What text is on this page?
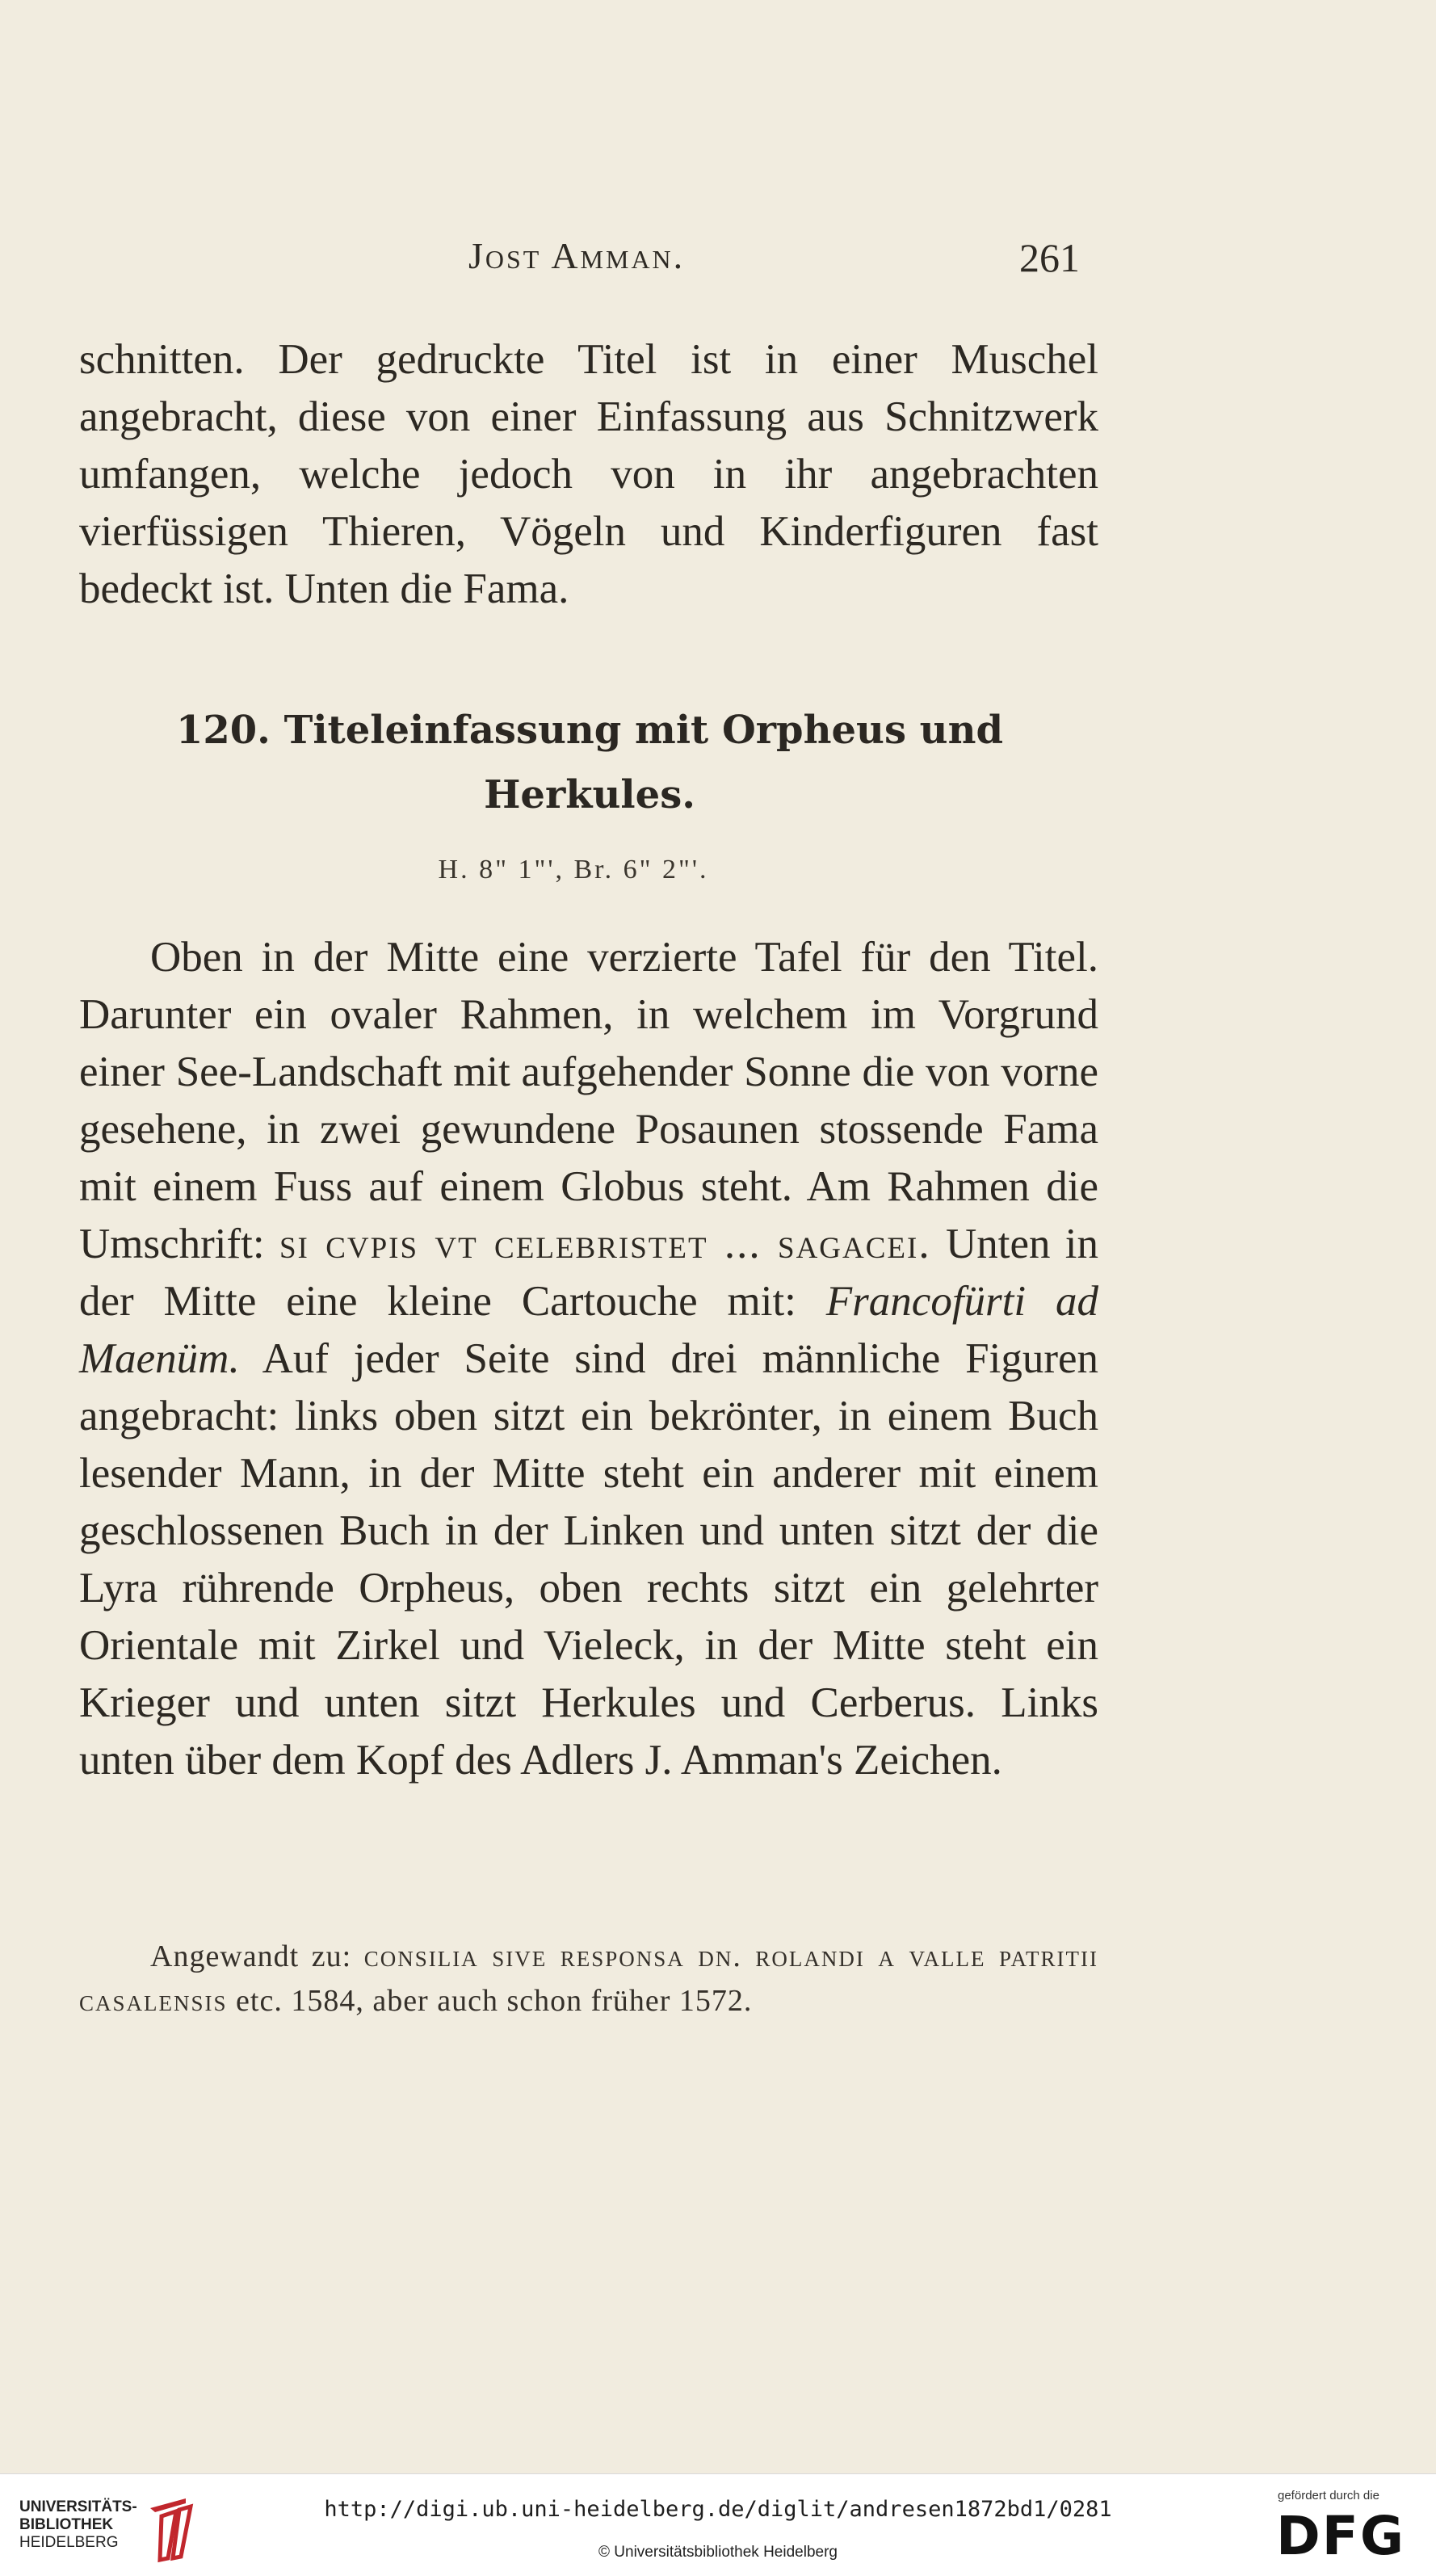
Jost Amman.	261
schnitten. Der gedruckte Titel ist in einer Muschel angebracht, diese von einer Einfassung aus Schnitzwerk umfangen, welche jedoch von in ihr angebrachten vierfüssigen Thieren, Vögeln und Kinderfiguren fast bedeckt ist. Unten die Fama.
120. Titeleinfassung mit Orpheus und
Herkules.
H. 8" 1"', Br. 6" 2"'.
Oben in der Mitte eine verzierte Tafel für den Titel. Darunter ein ovaler Rahmen, in welchem im Vorgrund einer See-Landschaft mit aufgehender Sonne die von vorne gesehene, in zwei gewundene Posaunen stossende Fama mit einem Fuss auf einem Globus steht. Am Rahmen die Umschrift: si cvpis vt celebristet ... sagacei. Unten in der Mitte eine kleine Cartouche mit: Francofürti ad Maenüm. Auf jeder Seite sind drei männliche Figuren angebracht: links oben sitzt ein bekrönter, in einem Buch lesender Mann, in der Mitte steht ein anderer mit einem geschlossenen Buch in der Linken und unten sitzt der die Lyra rührende Orpheus, oben rechts sitzt ein gelehrter Orientale mit Zirkel und Vieleck, in der Mitte steht ein Krieger und unten sitzt Herkules und Cerberus. Links unten über dem Kopf des Adlers J. Amman's Zeichen.
Angewandt zu: consilia sive responsa dn. rolandi a valle patritii casalensis etc. 1584, aber auch schon früher 1572.
UNIVERSITÄTS-
BIBLIOTHEK
HEIDELBERG
http://digi.ub.uni-heidelberg.de/diglit/andresen1872bd1/0281
© Universitätsbibliothek Heidelberg
gefördert durch die
DFG
